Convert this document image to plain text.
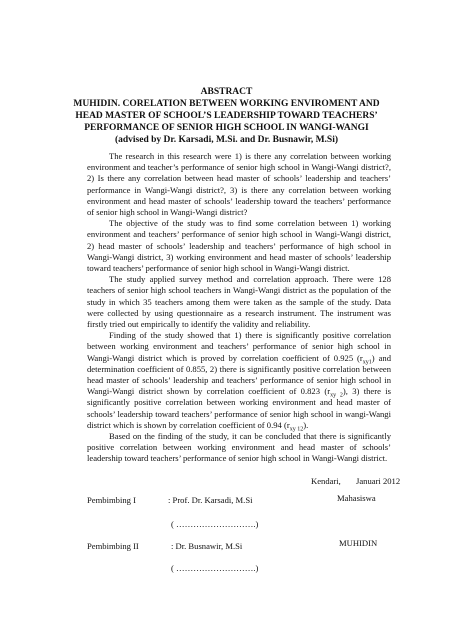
ABSTRACT
MUHIDIN. CORELATION BETWEEN WORKING ENVIROMENT AND
HEAD MASTER OF SCHOOL’S LEADERSHIP TOWARD TEACHERS’
PERFORMANCE OF SENIOR HIGH SCHOOL IN WANGI-WANGI
(advised by Dr. Karsadi, M.Si. and Dr. Busnawir, M.Si)

The research in this research were 1) is there any correlation between working environment and teacher’s performance of senior high school in Wangi-Wangi district?, 2) Is there any correlation between head master of schools’ leadership and teachers’ performance in Wangi-Wangi district?, 3) is there any correlation between working environment and head master of schools’ leadership toward the teachers’ performance of senior high school in Wangi-Wangi district?

The objective of the study was to find some correlation between 1) working environment and teachers’ performance of senior high school in Wangi-Wangi district, 2) head master of schools’ leadership and teachers’ performance of high school in Wangi-Wangi district, 3) working environment and head master of schools’ leadership toward teachers’ performance of senior high school in Wangi-Wangi district.

The study applied survey method and correlation approach. There were 128 teachers of senior high school teachers in Wangi-Wangi district as the population of the study in which 35 teachers among them were taken as the sample of the study. Data were collected by using questionnaire as a research instrument. The instrument was firstly tried out empirically to identify the validity and reliability.

Finding of the study showed that 1) there is significantly positive correlation between working environment and teachers’ performance of senior high school in Wangi-Wangi district which is proved by correlation coefficient of 0.925 $(r_{xy1})$ and determination coefficient of 0.855, 2) there is significantly positive correlation between head master of schools’ leadership and teachers’ performance of senior high school in Wangi-Wangi district shown by correlation coefficient of 0.823 $(r_{xy 2})$, 3) there is significantly positive correlation between working environment and head master of schools’ leadership toward teachers’ performance of senior high school in wangi-Wangi district which is shown by correlation coefficient of 0.94 $(r_{xy 12})$.

Based on the finding of the study, it can be concluded that there is significantly positive correlation between working environment and head master of schools’ leadership toward teachers’ performance of senior high school in Wangi-Wangi district.

Kendari, Januari 2012
Pembimbing I	: Prof. Dr. Karsadi, M.Si	Mahasiswa
( ……………………….)
Pembimbing II	: Dr. Busnawir, M.Si	MUHIDIN
( ……………………….)
